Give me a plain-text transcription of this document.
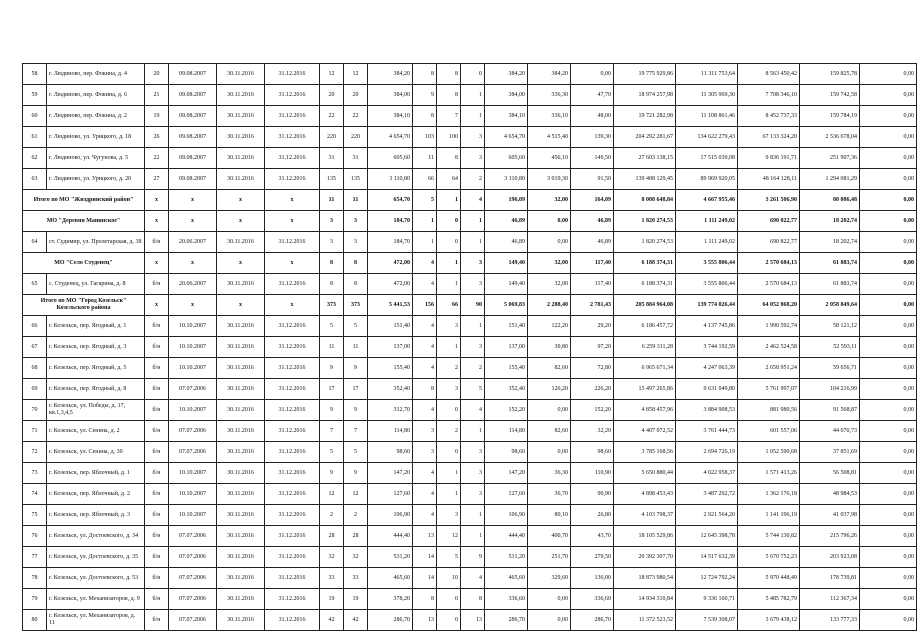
58	г. Людиново, пер. Фокина, д. 4	20	09.08.2007	30.11.2016	31.12.2016	12	12	384,20	8	8	0	384,20	384,20	0,00	19 775 929,86	11 311 753,64	8 563 450,42	159 825,78	0,00
59	г. Людиново, пер. Фокина, д. 6	21	09.08.2007	30.11.2016	31.12.2016	20	20	384,00	9	8	1	384,00	336,30	47,70	18 974 257,98	11 305 969,30	7 708 346,10	159 742,58	0,00
60	г. Людиново, пер. Фокина, д. 2	19	09.08.2007	30.11.2016	31.12.2016	22	22	384,10	8	7	1	384,10	336,10	48,00	19 721 282,98	11 108 861,46	8 452 737,33	159 784,19	0,00
61	г. Людиново, ул. Урицкого, д. 18	26	09.08.2007	30.11.2016	31.12.2016	220	220	4 654,70	103	100	3	4 654,70	4 515,40	139,30	204 292 281,67	134 622 279,43	67 133 324,20	2 536 678,04	0,00
62	г. Людиново, ул. Чугунова, д. 5	22	09.08.2007	30.11.2016	31.12.2016	31	31	605,60	11	8	3	605,60	456,10	149,50	27 603 138,15	17 515 039,08	9 836 191,71	251 907,36	0,00
63	г. Людиново, ул. Урицкого, д. 20	27	09.08.2007	30.11.2016	31.12.2016	135	135	3 110,80	66	64	2	3 110,80	3 019,30	91,50	139 408 129,45	89 969 920,05	48 164 128,11	1 294 081,29	0,00
Итого по МО "Жиздринский район"		x	x	x	x	11	11	654,70	5	1	4	196,09	32,00	164,09	8 008 648,84	4 667 955,46	3 261 506,90	80 086,48	0,00
МО "Деревня Манинское"		x	x	x	x	3	3	184,70	1	0	1	46,89	0,00	46,89	1 820 274,53	1 111 249,02	690 822,77	18 202,74	0,00
64	ст. Судимир, ул. Пролетарская, д. 38	б/н	20.06.2007	30.11.2016	31.12.2016	3	3	184,70	1	0	1	46,89	0,00	46,89	1 820 274,53	1 111 249,02	690 822,77	18 202,74	0,00
МО "Село Студенец"		x	x	x	x	8	8	472,00	4	1	3	149,40	32,00	117,40	6 188 374,31	3 555 806,44	2 570 684,13	61 883,74	0,00
65	с. Студенец, ул. Гагарина, д. 8	б/н	20.06.2007	30.11.2016	31.12.2016	8	8	472,00	4	1	3	149,40	32,00	117,40	6 188 374,31	3 555 806,44	2 570 684,13	61 883,74	0,00
Итого по МО "Город Козельск" Козельского района		x	x	x	x	373	373	5 441,53	156	66	90	5 069,83	2 288,40	2 781,43	205 884 964,08	139 774 026,44	64 052 868,20	2 058 849,64	0,00
66	г. Козельск, пер. Ягодный, д. 1	б/н	10.10.2007	30.11.2016	31.12.2016	5	5	151,40	4	3	1	151,40	122,20	29,20	6 186 457,72	4 137 745,86	1 990 592,74	58 121,12	0,00
67	г. Козельск, пер. Ягодный, д. 3	б/н	10.10.2007	30.11.2016	31.12.2016	11	11	137,00	4	1	3	137,00	39,80	97,20	6 259 311,28	3 744 192,59	2 462 524,58	52 593,11	0,00
68	г. Козельск, пер. Ягодный, д. 5	б/н	10.10.2007	30.11.2016	31.12.2016	9	9	155,40	4	2	2	155,40	82,60	72,80	6 965 671,34	4 247 063,39	2 658 951,24	59 656,71	0,00
69	г. Козельск, пер. Ягодный, д. 8	б/н	07.07.2006	30.11.2016	31.12.2016	17	17	352,40	8	3	5	352,40	126,20	226,20	15 497 265,86	9 631 049,80	5 761 997,07	104 216,99	0,00
70	г. Козельск, ул. Победы, д. 17, кв.1,3,4,5	б/н	10.10.2007	30.11.2016	31.12.2016	9	9	312,70	4	0	4	152,20	0,00	152,20	4 858 457,96	3 884 908,53	881 980,56	91 568,87	0,00
71	г. Козельск, ул. Сенина, д. 2	б/н	07.07.2006	30.11.2016	31.12.2016	7	7	114,80	3	2	1	114,80	82,60	32,20	4 407 072,52	3 761 444,73	601 557,06	44 070,73	0,00
72	г. Козельск, ул. Сенина, д. 30	б/н	07.07.2006	30.11.2016	31.12.2016	5	5	98,60	3	0	3	98,60	0,00	98,60	3 785 168,56	2 694 726,19	1 052 590,68	37 851,69	0,00
73	г. Козельск, пер. Яблочный, д. 1	б/н	10.10.2007	30.11.2016	31.12.2016	9	9	147,20	4	1	3	147,20	36,30	110,90	5 650 880,44	4 022 958,37	1 571 413,26	56 508,81	0,00
74	г. Козельск, пер. Яблочный, д. 2	б/н	10.10.2007	30.11.2016	31.12.2016	12	12	127,60	4	1	3	127,60	36,70	90,90	4 898 453,43	3 487 292,72	1 362 176,18	48 984,53	0,00
75	г. Козельск, пер. Яблочный, д. 3	б/н	10.10.2007	30.11.2016	31.12.2016	2	2	106,90	4	3	1	106,90	80,10	26,80	4 103 798,37	2 921 564,20	1 141 196,19	41 037,98	0,00
76	г. Козельск, ул. Достоевского, д. 34	б/н	07.07.2006	30.11.2016	31.12.2016	28	28	444,40	13	12	1	444,40	400,70	43,70	18 105 529,86	12 645 398,78	5 744 130,82	215 796,26	0,00
77	г. Козельск, ул. Достоевского, д. 35	б/н	07.07.2006	30.11.2016	31.12.2016	32	32	531,20	14	5	9	531,20	251,70	279,50	20 392 307,70	14 517 632,39	5 670 752,23	203 923,08	0,00
78	г. Козельск, ул. Достоевского, д. 53	б/н	07.07.2006	30.11.2016	31.12.2016	33	33	465,60	14	10	4	465,60	329,60	136,00	18 873 980,54	12 724 792,24	5 970 448,49	178 739,81	0,00
79	г. Козельск, ул. Механизаторов, д. 9	б/н	07.07.2006	30.11.2016	31.12.2016	19	19	378,20	8	0	8	336,60	0,00	336,60	14 934 310,84	9 336 160,71	5 485 782,79	112 367,34	0,00
80	г. Козельск, ул. Механизаторов, д. 11	б/н	07.07.2006	30.11.2016	31.12.2016	42	42	286,70	13	0	13	286,70	0,00	286,70	11 372 523,52	7 539 308,07	3 679 438,12	133 777,33	0,00
